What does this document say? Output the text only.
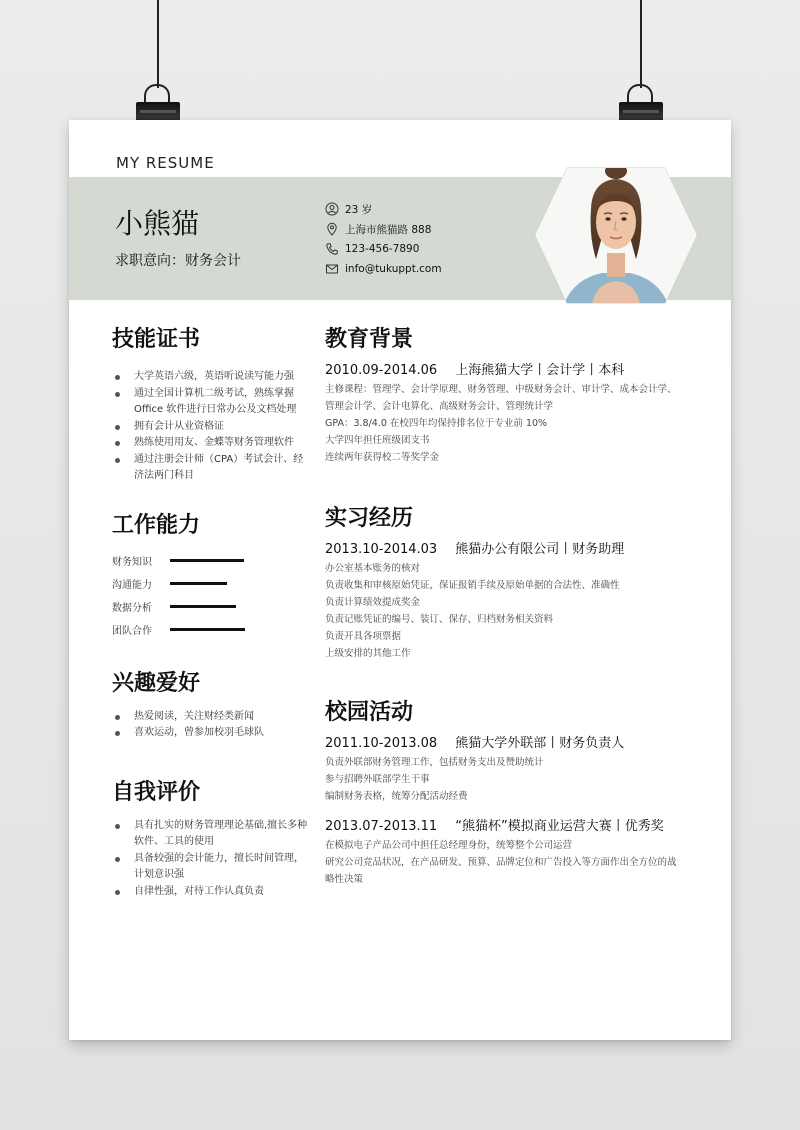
MY RESUME
小熊猫
求职意向：财务会计
23 岁
上海市熊猫路 888
123-456-7890
info@tukuppt.com
技能证书
大学英语六级，英语听说读写能力强
通过全国计算机二级考试，熟练掌握Office 软件进行日常办公及文档处理
拥有会计从业资格证
熟练使用用友、金蝶等财务管理软件
通过注册会计师（CPA）考试会计、经济法两门科目
工作能力
财务知识
沟通能力
数据分析
团队合作
兴趣爱好
热爱阅读，关注财经类新闻
喜欢运动，曾参加校羽毛球队
自我评价
具有扎实的财务管理理论基础,擅长多种软件、工具的使用
具备较强的会计能力，擅长时间管理，计划意识强
自律性强，对待工作认真负责
教育背景
2010.09-2014.06 上海熊猫大学丨会计学丨本科
主修课程：管理学、会计学原理、财务管理、中级财务会计、审计学、成本会计学、
管理会计学、会计电算化、高级财务会计、管理统计学
GPA：3.8/4.0 在校四年均保持排名位于专业前 10%
大学四年担任班级团支书
连续两年获得校二等奖学金
实习经历
2013.10-2014.03 熊猫办公有限公司丨财务助理
办公室基本账务的核对
负责收集和审核原始凭证，保证报销手续及原始单据的合法性、准确性
负责计算绩效提成奖金
负责记账凭证的编号、装订、保存、归档财务相关资料
负责开具各项票据
上级安排的其他工作
校园活动
2011.10-2013.08 熊猫大学外联部丨财务负责人
负责外联部财务管理工作，包括财务支出及赞助统计
参与招聘外联部学生干事
编制财务表格，统筹分配活动经费
2013.07-2013.11 “熊猫杯”模拟商业运营大赛丨优秀奖
在模拟电子产品公司中担任总经理身份，统筹整个公司运营
研究公司竞品状况，在产品研发、预算、品牌定位和广告投入等方面作出全方位的战
略性决策
